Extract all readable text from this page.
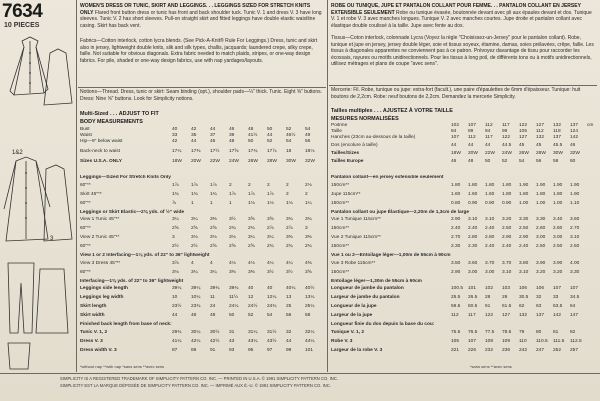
7634
10 PIECES
1&2
3
WOMEN'S DRESS OR TUNIC, SKIRT AND LEGGINGS. . . LEGGINGS SIZED FOR STRETCH KNITS ONLY Flared front button dress or tunic has front and back shoulder tuck. Tunic V. 1 and dress V. 3 have long sleeves. Tunic V. 2 has short sleeves. Pull-on straight skirt and fitted leggings have double elastic waistline casing. Skirt has back vent.
Fabrics—Cotton interlock, cotton lycra blends. (See Pick-A-Knit® Rule For Leggings.) Dress, tunic and skirt also in jersey, lightweight double knits, silk and silk types, challis, jacquards; laundered crepe, silky crepe, faille. Not suitable for obvious diagonals. Extra fabric needed to match plaids, stripes, or one-way design fabrics. For pile, shaded or one-way design fabrics, use with nap yardages/layouts.
Notions—Thread. Dress, tunic or skirt: Seam binding (opt.), shoulder pads—¼" thick. Tunic. Eight ⅝" buttons. Dress: Nine ⅝" buttons. Look for Simplicity notions.
Multi-Sized . . . ADJUST TO FIT
BODY MEASUREMENTS
Bust	40	42	44	46	48	50	52	54
Waist	33	35	37	39	41½ 44	46½ 49
Hip—9" below waist	42	44	46	48	50	52	54	56
Back-neck to waist	17¼ 17⅜ 17½ 17⅝ 17¾ 17⅞ 18	18⅛
Sizes U.S.A. ONLY	18W 20W 22W 24W 26W 28W 30W 32W
Leggings—Sized For Stretch Knits Only
60"**	1⅞	1⅞	1⅞	2	2	2	2	2⅛
Skirt 45"**	1¾	1¾	1¾	1⅞	1⅞	1⅞	2	2
60"**	⅞	1	1	1	1⅛	1⅛	1⅛	1¼
Leggings or Skirt Elastic—2⅜ yds. of ½" wide
View 1 Tunic 45"**	3¼	3¼	3⅜	3½	3⅝	3⅝	3¾	3¾
60"**	2⅝	2⅝	2⅝	2¾	2¾	2⅞	2⅞	3
View 2 Tunic 45"**	3	3⅛	3⅛	3⅛	3¼	3¼	3⅜	3⅜
60"**	2½	2½	2⅝	2⅝	2⅝	2¾	2¾	2¾
View 1 or 2 Interfacing—1⅛ yds. of 22" to 36" lightweight
View 3 Dress 45"**	3⅞	4	4	4⅛	4⅛	4¼	4¼	4⅜
60"**	3⅛	3¼	3¼	3⅜	3⅜	3½	3½	3⅝
Interfacing—1⅜ yds. of 22" to 36" lightweight
Leggings side length	39¼ 39¼ 39¾ 39¾ 40	40	40¼ 40½
Leggings leg width	10	10¼ 11	11½ 12	12¼ 13	13¼
Skirt length	23½ 23¾ 24	24¼ 24½ 24¾ 25	25¼
Skirt width	44	46	48	50	52	54	56	58
Finished back length from base of neck:
Tunic V. 1, 2	29¾ 30¼ 30½ 31	31¼ 31½ 32	32¼
Dress V. 3	41¼ 42¼ 42½ 43	43¼ 43½ 44	44¼
Dress width V. 3	87	89	91	93	95	97	99	101
*without nap **with nap *sans sens **avec sens
ROBE OU TUNIQUE, JUPE ET PANTALON COLLANT POUR FEMME. . . PANTALON COLLANT EN JERSEY EXTENSIBLE SEULEMENT Robe ou tunique évasée, boutonnée devant avec pli aux épaules devant et dos. Tunique V. 1 et robe V. 3 avec manches longues. Tunique V. 2 avec manches courtes. Jupe droite et pantalon collant avec élastique double coulissé à la taille. Jupe avec fente au dos.
Tissus—Coton interlock, colonnade Lycra (Voyez la règle "Choisissez-un-Jersey" pour le pantalon collant). Robe, tunique et jupe en jersey, jersey double léger, soie et tissus soyeux, étamine, damas, soies prélavées, crêpe, faille. Les tissus à diagonales apparentes ne conviennent pas à ce patron. Prévoyez davantage de tissu pour raccorder les écossais, rayures ou motifs unidirectionnels. Pour les tissus à long poil, de différents tons ou à motifs unidirectionnels, utilisez métrages et plans de coupe "avec sens".
Mercerie: Fil. Robe, tunique ou jupe: extra-fort (facult.), une paire d'épaulettes de 6mm d'épaisseur. Tunique: huit boutons de 2,2cm. Robe: neuf boutons de 2,2cm. Demandez la mercerie Simplicity.
Tailles multiples . . . AJUSTEZ À VOTRE TAILLE
MESURES NORMALISÉES
Poitrine	102 107 112 117 122 127 132 137
Taille	84 89 94 99 105 112 118 124
Hanches (23cm au-dessous de la taille)	107 112 117 122 127 132 137 142
Dos (encolure à taille)	44 44 44 44.5 45 45 45.5 46
Tailles/Sizes	18W 20W 22W 24W 26W 28W 30W 32W
Tailles Europe	46 48 50 52 54 56 58 60
cm
Pantalon collant—en jersey extensible seulement
150cm**	1.80 1.80 1.80 1.80 1.90 1.90 1.90 1.90
Jupe 115cm**	1.60 1.60 1.60 1.80 1.80 1.80 1.80 1.90
150cm**	0.80 0.90 0.90 0.90 1.00 1.00 1.00 1.10
Pantalon collant ou jupe Élastique—2,20m de 1,3cm de large
Vue 1 Tunique 115cm**	2.90 3.10 3.10 3.20 3.30 3.30 3.40 3.50
150cm**	2.40 2.40 2.40 2.50 2.50 2.60 2.60 2.70
Vue 2 Tunique 115cm**	2.70 2.80 2.80 2.90 2.90 3.00 3.00 3.10
150cm**	2.30 2.30 2.40 2.40 2.40 2.50 2.50 2.50
Vue 1 ou 2—Entoilage léger—1,00m de 55cm à 90cm
Vue 3 Robe 115cm**	3.50 3.60 3.70 3.70 3.80 3.90 3.90 4.00
150cm**	2.90 3.00 3.00 3.10 3.10 3.20 3.20 3.30
Entoilage léger—1,30m de 55cm à 90cm
Longueur de jambe du pantalon	100.5 101 102 103 106 106 107 107
Largeur de jambe du pantalon	25.5 26.5 28 29 30.5 32 33 34.5
Longueur de la jupe	59.5 60.5 61 61.5 62 63 63.5 64
Largeur de la jupe	112 117 122 127 132 137 142 147
Longueur finie du dos depuis la base du cou:
Tunique V. 1, 2	75.5 76.5 77.5 78.5 79 80 81 82
Robe V. 3	105 107 108 109 110 110.5 111.5 112.5
Largeur de la robe V. 3	221 226 232 236 242 247 252 257
*sans sens **avec sens
SIMPLICITY IS A REGISTERED TRADEMARK OF SIMPLICITY PATTERN CO. INC. — PRINTED IN U.S.A. © 1991 SIMPLICITY PATTERN CO. INC.
SIMPLICITY EST LA MARQUE DÉPOSÉE DE SIMPLICITY PATTERN CO. INC. — IMPRIMÉ AUX É.-U. © 1991 SIMPLICITY PATTERN CO. INC.
